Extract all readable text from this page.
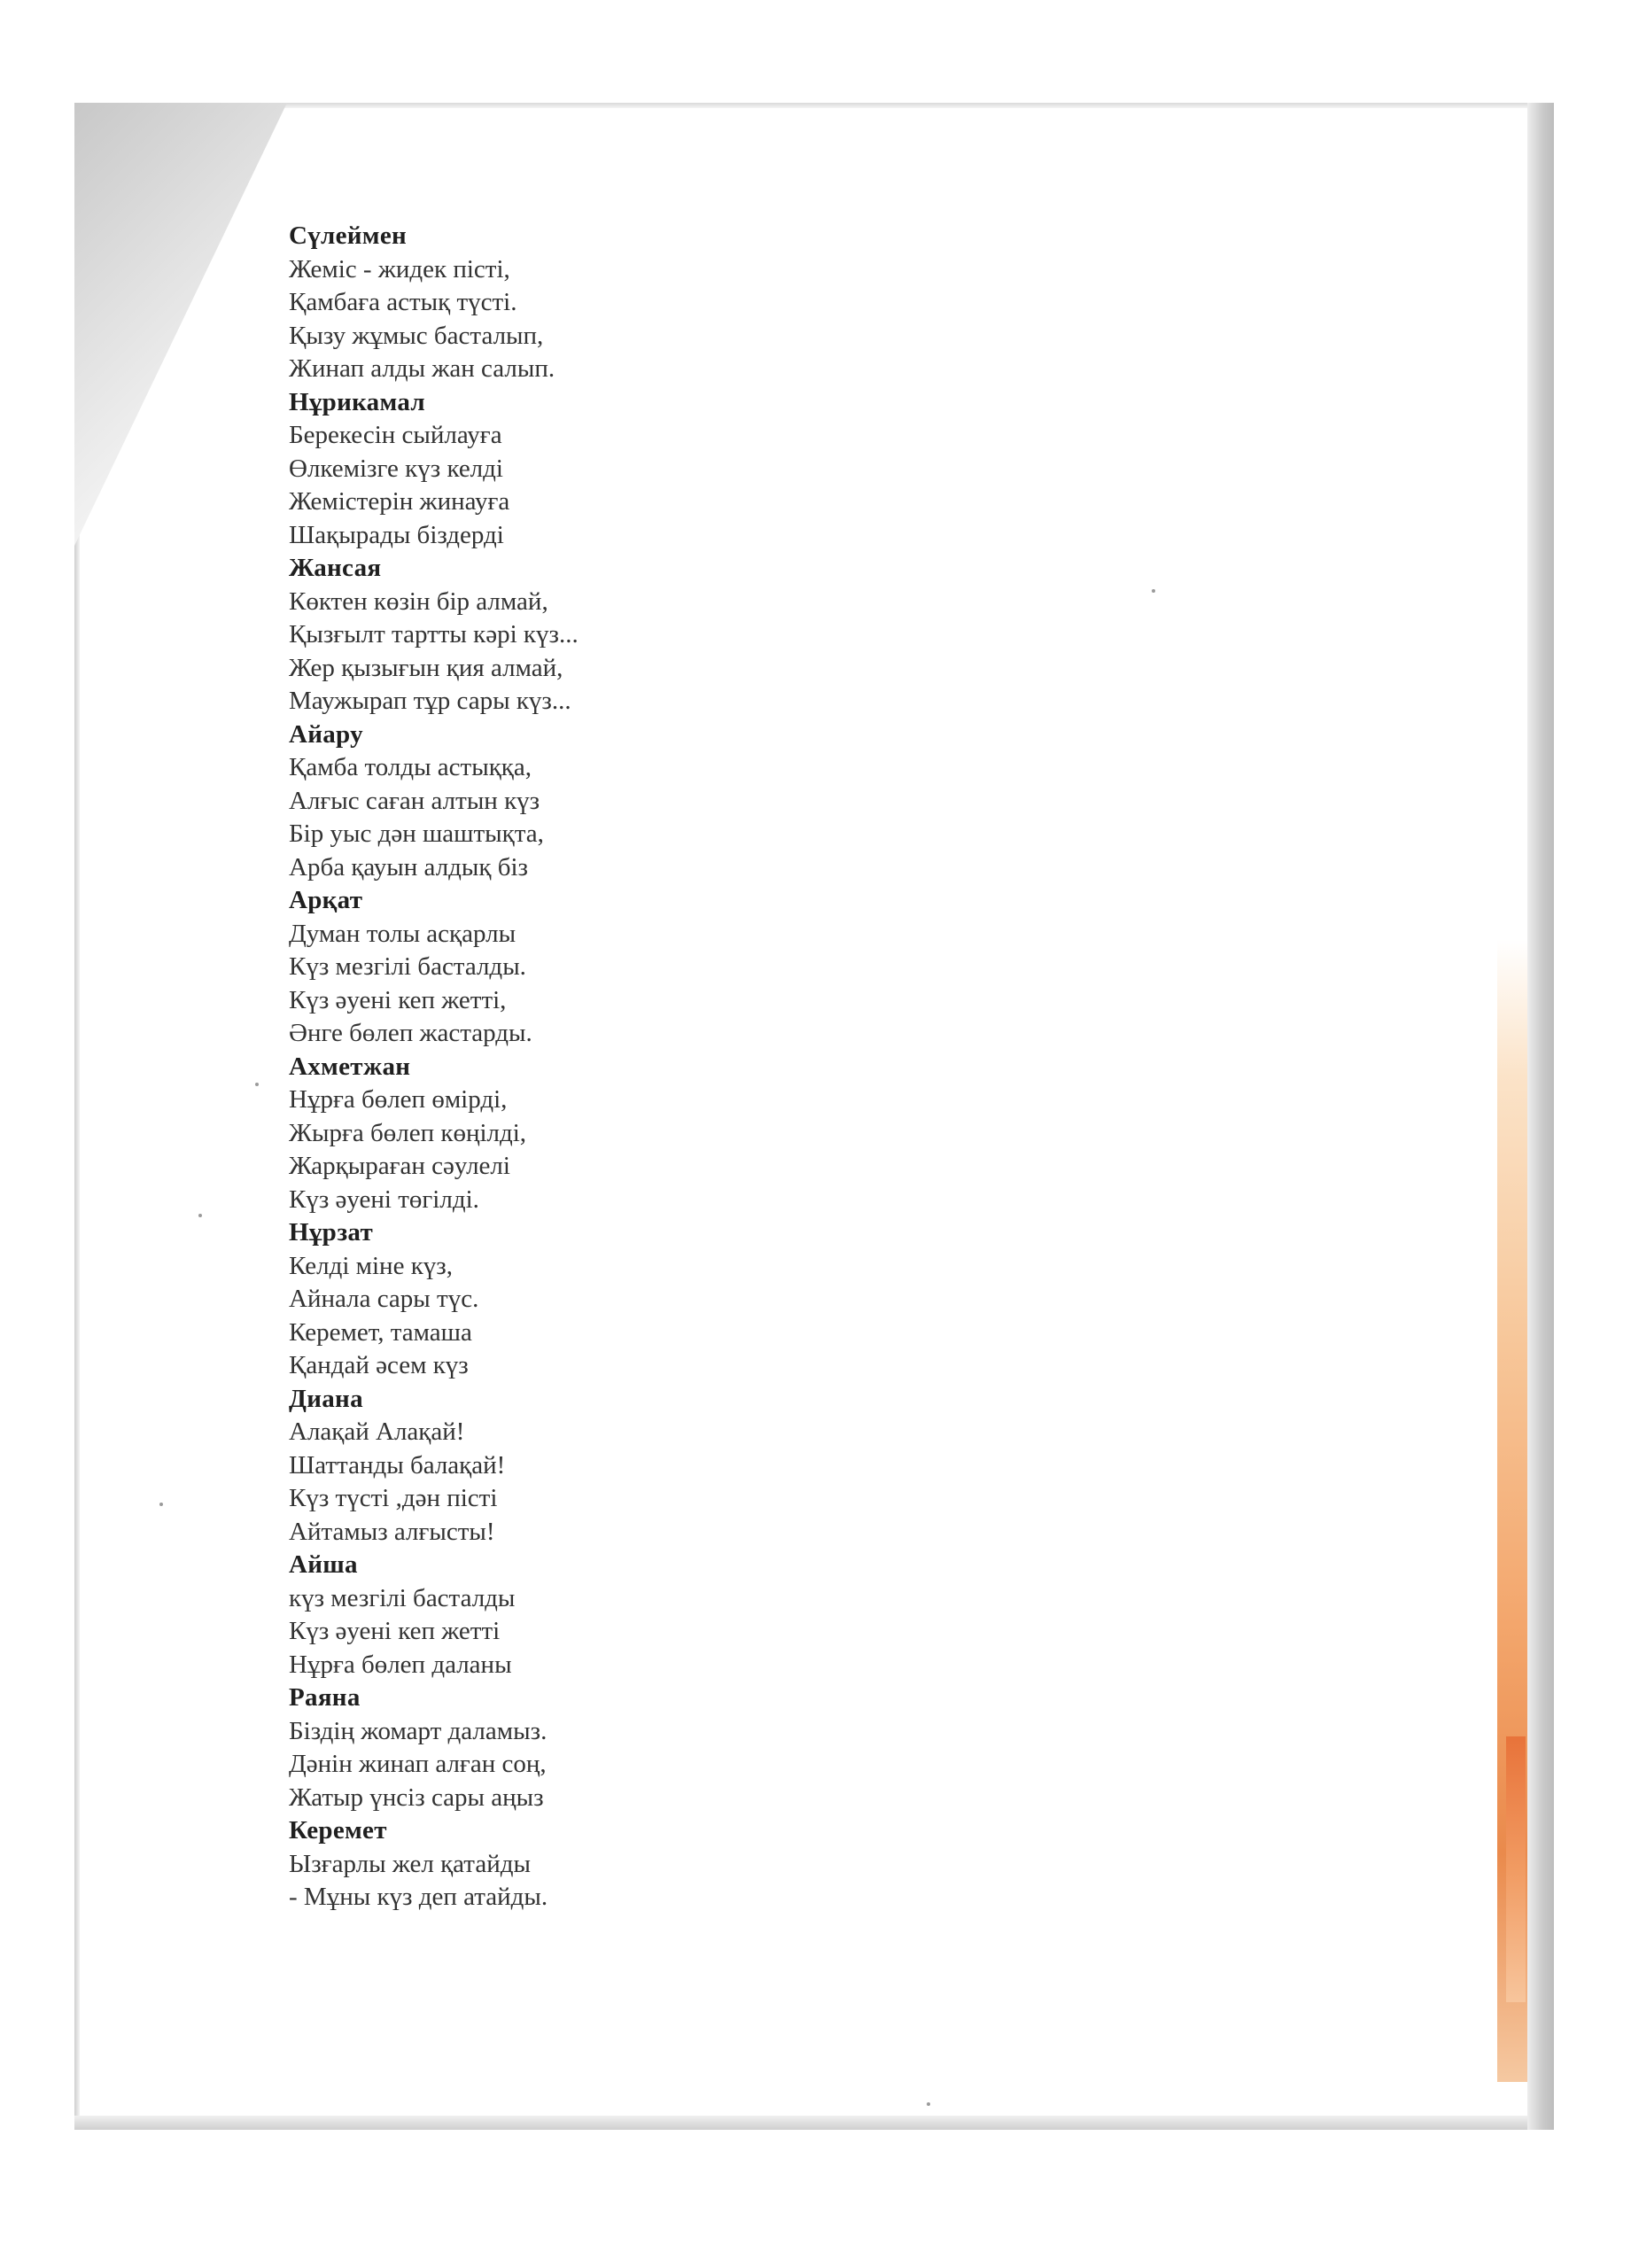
Сүлеймен
Жеміс - жидек пісті,
Қамбаға астық түсті.
Қызу жұмыс басталып,
Жинап алды жан салып.
Нұрикамал
Берекесін сыйлауға
Өлкемізге күз келді
Жемістерін жинауға
Шақырады біздерді
Жансая
Көктен көзін бір алмай,
Қызғылт тартты кәрі күз...
Жер қызығын қия алмай,
Маужырап тұр сары күз...
Айару
Қамба толды астыққа,
Алғыс саған алтын күз
Бір уыс дән шаштықта,
Арба қауын алдық біз
Арқат
Думан толы асқарлы
Күз мезгілі басталды.
Күз әуені кеп жетті,
Әнге бөлеп жастарды.
Ахметжан
Нұрға бөлеп өмірді,
Жырға бөлеп көңілді,
Жарқыраған сәулелі
Күз әуені төгілді.
Нұрзат
Келді міне күз,
Айнала сары түс.
Керемет, тамаша
Қандай әсем күз
Диана
Алақай Алақай!
Шаттанды балақай!
Күз түсті ,дән пісті
Айтамыз алғысты!
Айша
күз мезгілі басталды
Күз әуені кеп жетті
Нұрға бөлеп даланы
Раяна
Біздің жомарт даламыз.
Дәнін жинап алған соң,
Жатыр үнсіз сары аңыз
Керемет
Ызғарлы жел қатайды
- Мұны күз деп атайды.
